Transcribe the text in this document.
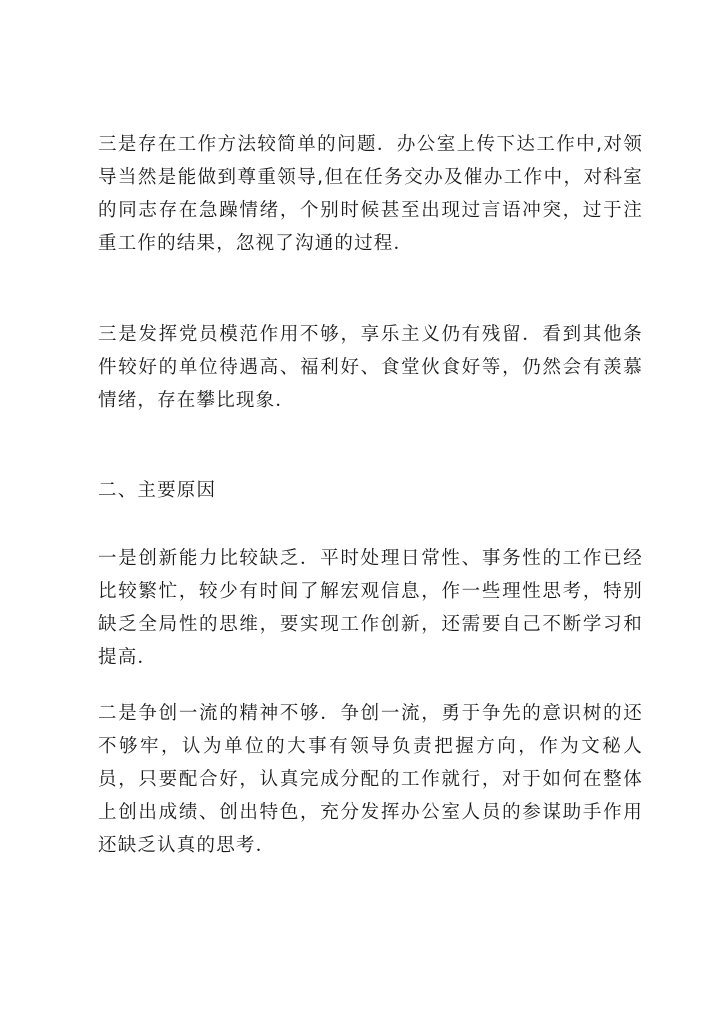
三是存在工作方法较简单的问题．办公室上传下达工作中,对领导当然是能做到尊重领导,但在任务交办及催办工作中，对科室的同志存在急躁情绪，个别时候甚至出现过言语冲突，过于注重工作的结果，忽视了沟通的过程．

三是发挥党员模范作用不够，享乐主义仍有残留．看到其他条件较好的单位待遇高、福利好、食堂伙食好等，仍然会有羡慕情绪，存在攀比现象．

二、主要原因

一是创新能力比较缺乏．平时处理日常性、事务性的工作已经比较繁忙，较少有时间了解宏观信息，作一些理性思考，特别缺乏全局性的思维，要实现工作创新，还需要自己不断学习和提高．

二是争创一流的精神不够．争创一流，勇于争先的意识树的还不够牢，认为单位的大事有领导负责把握方向，作为文秘人员，只要配合好，认真完成分配的工作就行，对于如何在整体上创出成绩、创出特色，充分发挥办公室人员的参谋助手作用还缺乏认真的思考．
